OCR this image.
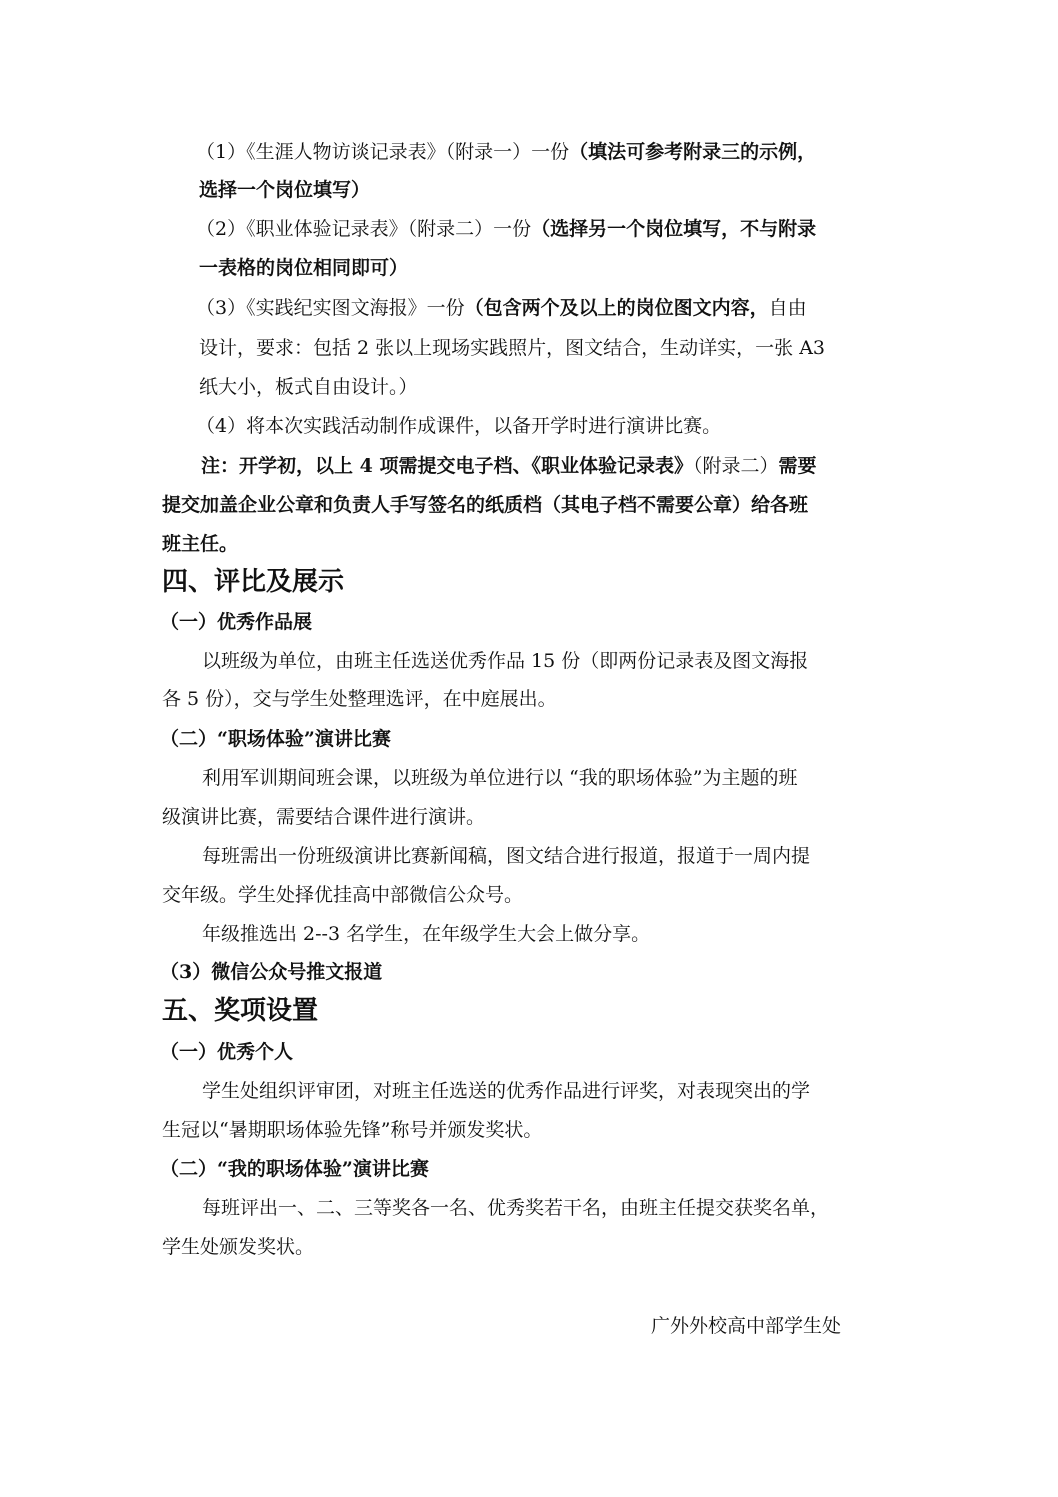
（1）《生涯人物访谈记录表》（附录一）一份（填法可参考附录三的示例，
选择一个岗位填写）
（2）《职业体验记录表》（附录二）一份（选择另一个岗位填写，不与附录
一表格的岗位相同即可）
（3）《实践纪实图文海报》一份（包含两个及以上的岗位图文内容，自由
设计，要求：包括 2 张以上现场实践照片，图文结合，生动详实，一张 A3
纸大小，板式自由设计。）
（4）将本次实践活动制作成课件，以备开学时进行演讲比赛。
注：开学初，以上 4 项需提交电子档、《职业体验记录表》（附录二）需要
提交加盖企业公章和负责人手写签名的纸质档（其电子档不需要公章）给各班
班主任。
四、评比及展示
（一）优秀作品展
以班级为单位，由班主任选送优秀作品 15 份（即两份记录表及图文海报
各 5 份），交与学生处整理选评，在中庭展出。
（二）“职场体验”演讲比赛
利用军训期间班会课，以班级为单位进行以 “我的职场体验”为主题的班
级演讲比赛，需要结合课件进行演讲。
每班需出一份班级演讲比赛新闻稿，图文结合进行报道，报道于一周内提
交年级。学生处择优挂高中部微信公众号。
年级推选出 2--3 名学生，在年级学生大会上做分享。
（3）微信公众号推文报道
五、奖项设置
（一）优秀个人
学生处组织评审团，对班主任选送的优秀作品进行评奖，对表现突出的学
生冠以“暑期职场体验先锋”称号并颁发奖状。
（二）“我的职场体验”演讲比赛
每班评出一、二、三等奖各一名、优秀奖若干名，由班主任提交获奖名单，
学生处颁发奖状。
广外外校高中部学生处
